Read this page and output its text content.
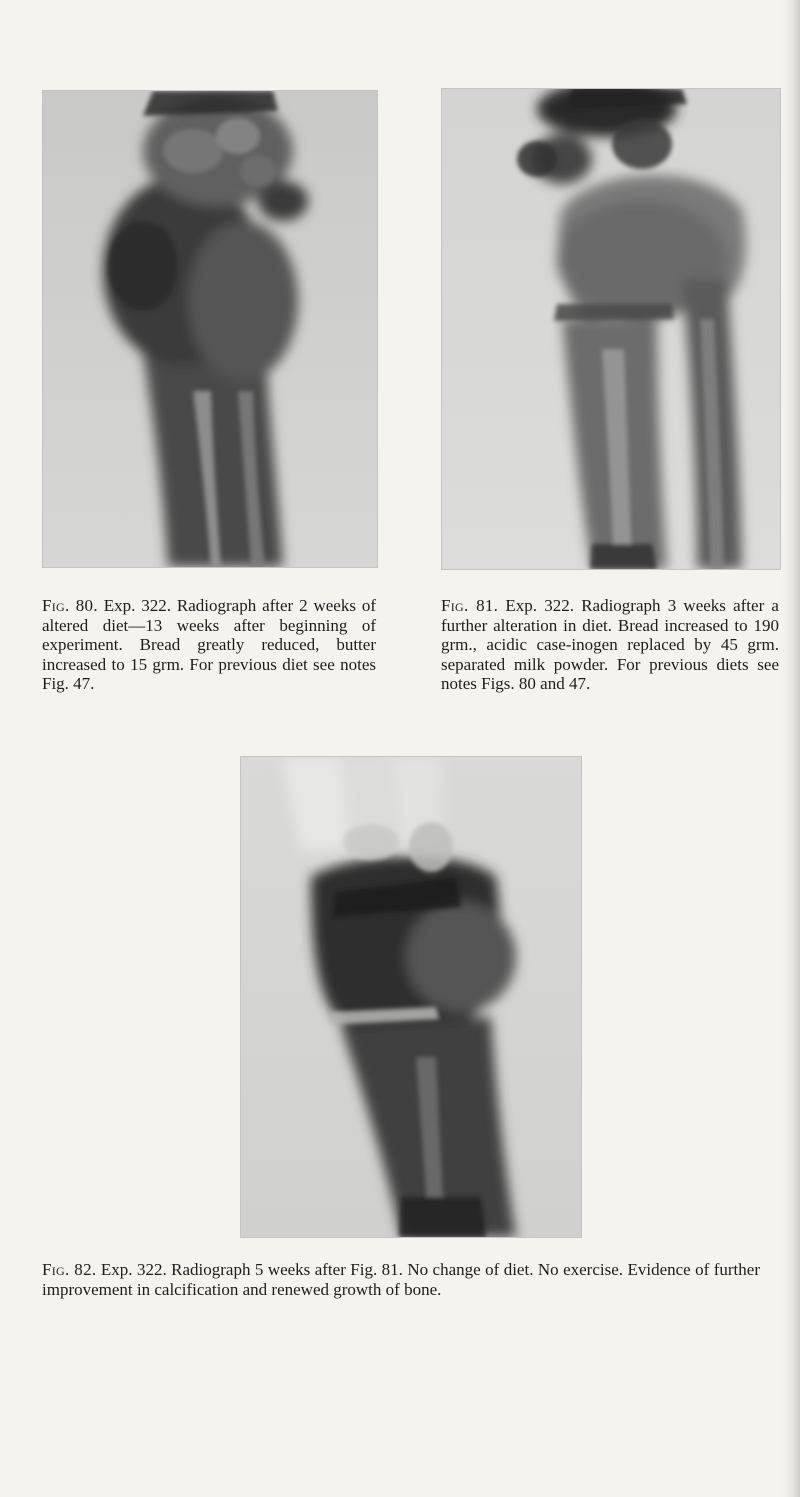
Fig. 80. Exp. 322. Radiograph after 2 weeks of altered diet—13 weeks after beginning of experiment. Bread greatly reduced, butter increased to 15 grm. For previous diet see notes Fig. 47.
Fig. 81. Exp. 322. Radiograph 3 weeks after a further alteration in diet. Bread increased to 190 grm., acidic case-inogen replaced by 45 grm. separated milk powder. For previous diets see notes Figs. 80 and 47.
Fig. 82. Exp. 322. Radiograph 5 weeks after Fig. 81. No change of diet. No exercise. Evidence of further improvement in calcification and renewed growth of bone.
